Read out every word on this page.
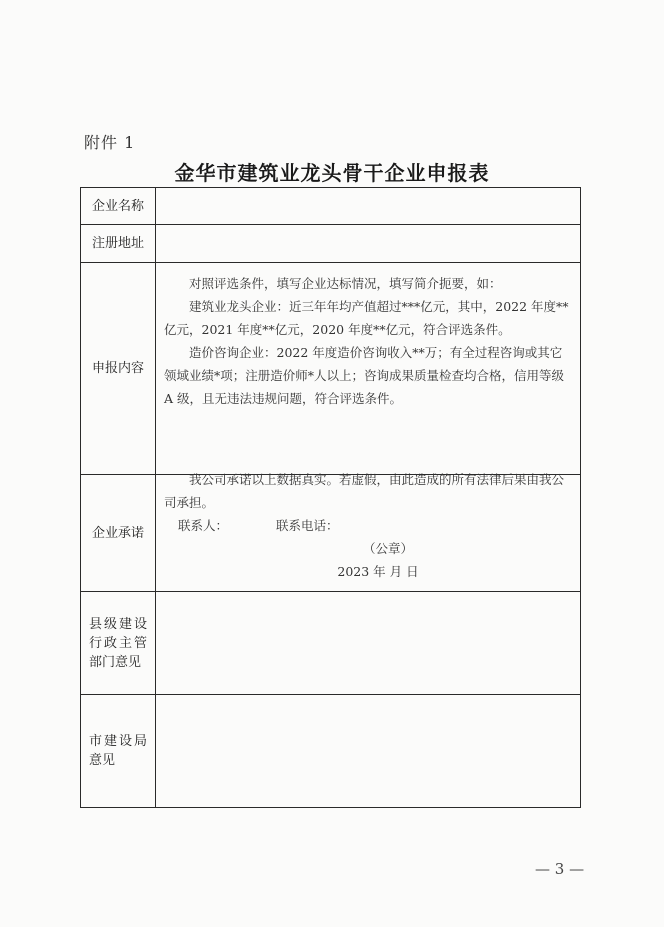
附件 1
金华市建筑业龙头骨干企业申报表
企业名称	
注册地址	
申报内容	对照评选条件，填写企业达标情况，填写简介扼要，如：

建筑业龙头企业：近三年年均产值超过***亿元，其中，2022 年度**亿元，2021 年度**亿元，2020 年度**亿元，符合评选条件。

造价咨询企业：2022 年度造价咨询收入**万；有全过程咨询或其它领域业绩*项；注册造价师*人以上；咨询成果质量检查均合格，信用等级 A 级，且无违法违规问题，符合评选条件。

企业承诺	我公司承诺以上数据真实。若虚假，由此造成的所有法律后果由我公司承担。

联系人： 联系电话：
（公章）
2023 年 月 日

县级建设行政主管部门意见	
市建设局意见	
— 3 —
